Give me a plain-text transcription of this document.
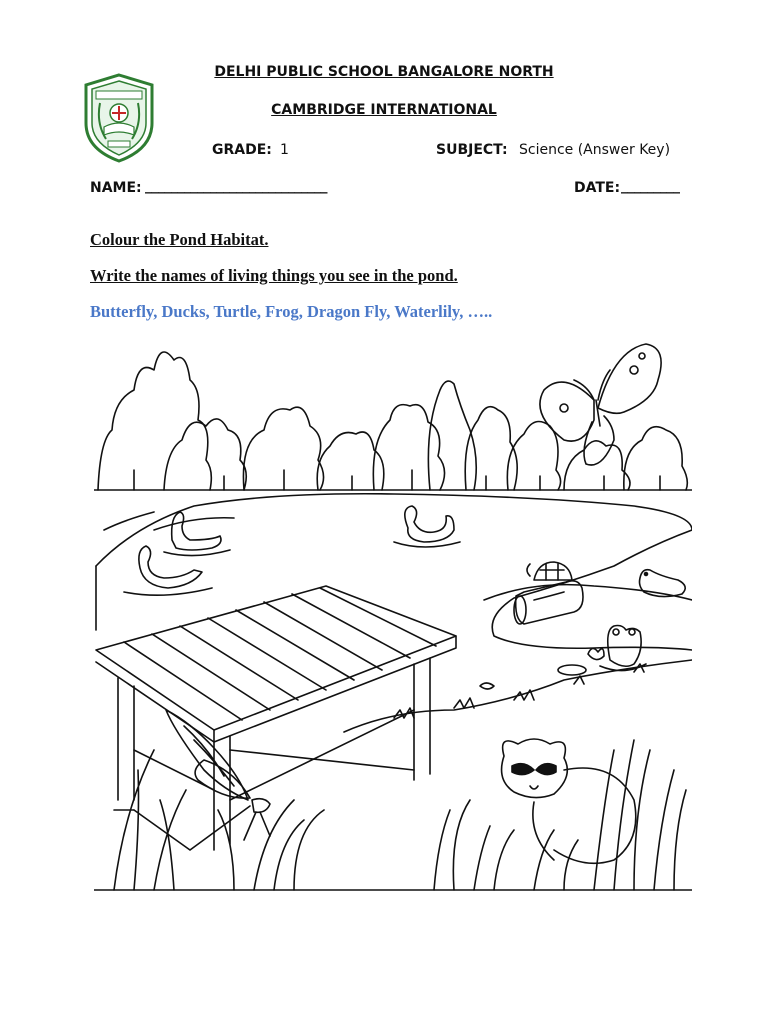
DELHI PUBLIC SCHOOL BANGALORE NORTH
CAMBRIDGE INTERNATIONAL
GRADE: 1	SUBJECT: Science (Answer Key)
NAME: ____________________________	DATE: _________
Colour the Pond Habitat.
Write the names of living things you see in the pond.
Butterfly, Ducks, Turtle, Frog, Dragon Fly, Waterlily, …..
